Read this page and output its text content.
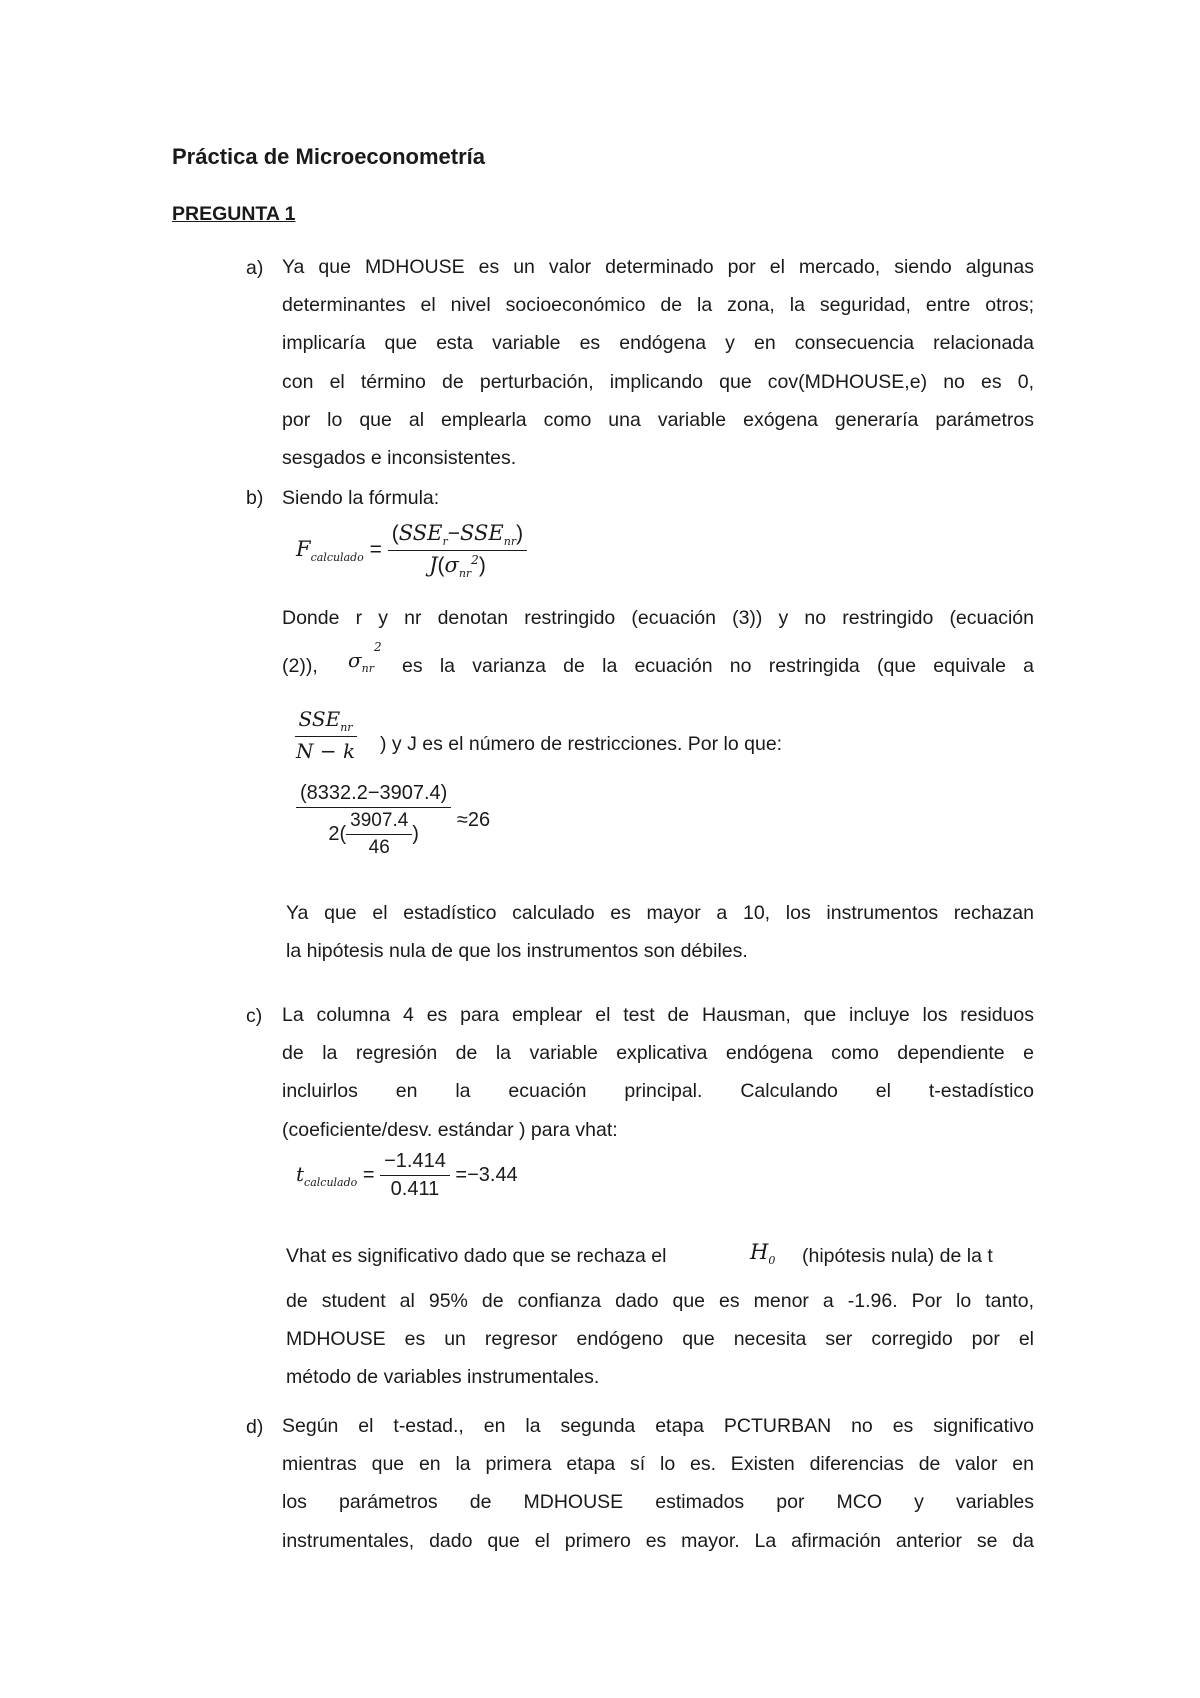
Práctica de Microeconometría
PREGUNTA 1
a) Ya que MDHOUSE es un valor determinado por el mercado, siendo algunas
determinantes el nivel socioeconómico de la zona, la seguridad, entre otros;
implicaría que esta variable es endógena y en consecuencia relacionada
con el término de perturbación, implicando que cov(MDHOUSE,e) no es 0,
por lo que al emplearla como una variable exógena generaría parámetros
sesgados e inconsistentes.
b) Siendo la fórmula:
$F_{calculado} = \frac{(SSE_r-SSE_{nr})}{J(\sigma_{nr}^2)}$
Donde r y nr denotan restringido (ecuación (3)) y no restringido (ecuación
(2)), $\sigma_{nr}^2$
es la varianza de la ecuación no restringida (que equivale a
$\frac{SSE_{nr}}{N - k}$ ) y J es el número de restricciones. Por lo que:
$\frac{(8332.2-3907.4)}{2( \frac{3907.4}{46} )} \approx 26$
Ya que el estadístico calculado es mayor a 10, los instrumentos rechazan
la hipótesis nula de que los instrumentos son débiles.
c)	La columna 4 es para emplear el test de Hausman, que incluye los residuos
de la regresión de la variable explicativa endógena como dependiente e
incluirlos en la ecuación principal. Calculando el t-estadístico
(coeficiente/desv. estándar ) para vhat:
$t_{calculado} = \frac{-1.414}{0.411} =-3.44$
Vhat es significativo dado que se rechaza el	$H_0$ (hipótesis nula) de la t
de student al 95% de confianza dado que es menor a -1.96. Por lo tanto,
MDHOUSE es un regresor endógeno que necesita ser corregido por el
método de variables instrumentales.
d) Según el t-estad., en la segunda etapa PCTURBAN no es significativo
mientras que en la primera etapa sí lo es. Existen diferencias de valor en
los parámetros de MDHOUSE estimados por MCO y variables
instrumentales, dado que el primero es mayor. La afirmación anterior se da
